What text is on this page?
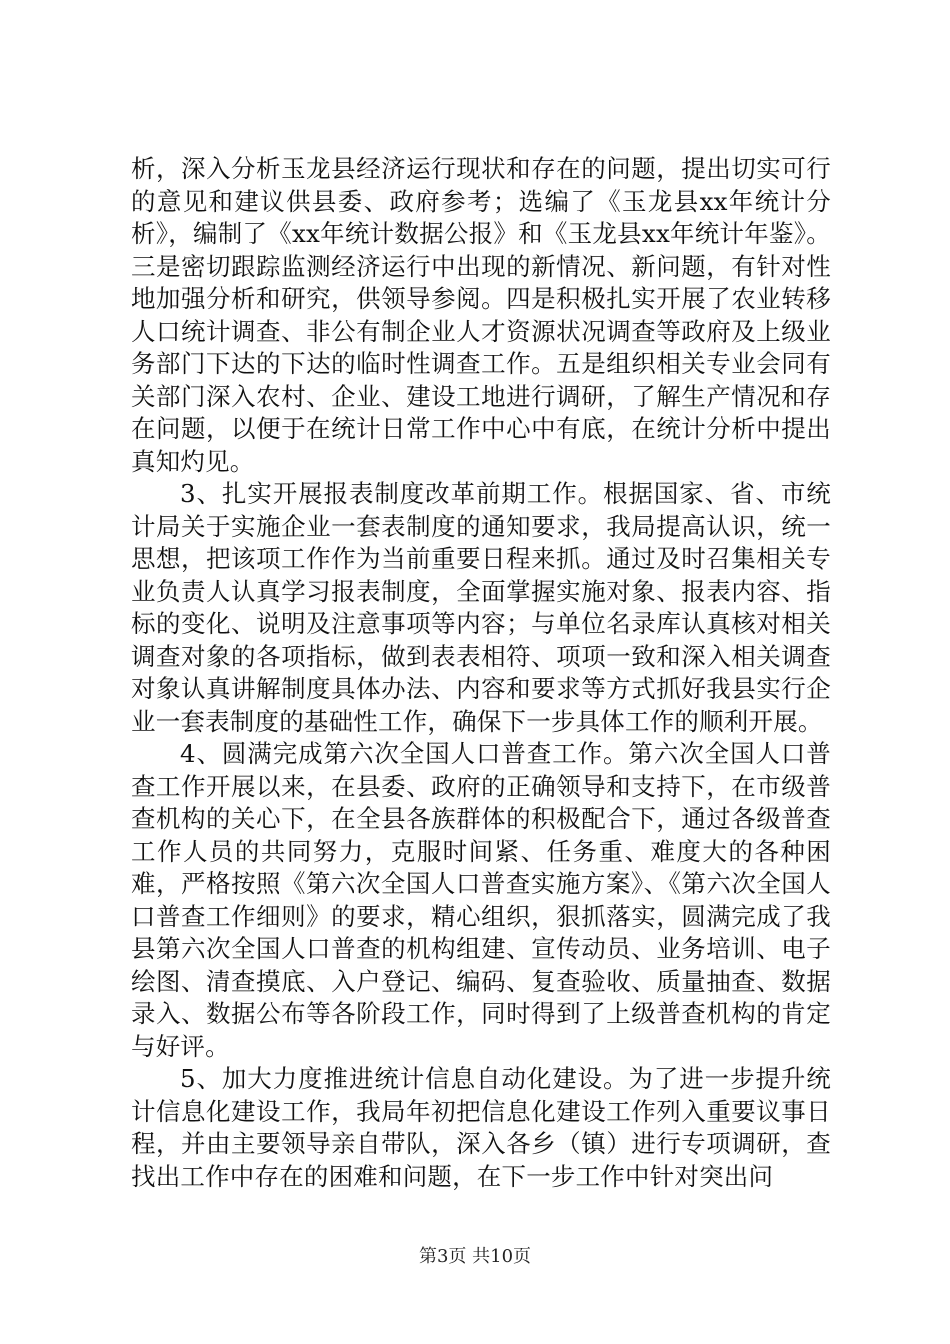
析，深入分析玉龙县经济运行现状和存在的问题，提出切实可行的意见和建议供县委、政府参考；选编了《玉龙县xx年统计分析》，编制了《xx年统计数据公报》和《玉龙县xx年统计年鉴》。三是密切跟踪监测经济运行中出现的新情况、新问题，有针对性地加强分析和研究，供领导参阅。四是积极扎实开展了农业转移人口统计调查、非公有制企业人才资源状况调查等政府及上级业务部门下达的下达的临时性调查工作。五是组织相关专业会同有关部门深入农村、企业、建设工地进行调研，了解生产情况和存在问题，以便于在统计日常工作中心中有底，在统计分析中提出真知灼见。

3、扎实开展报表制度改革前期工作。根据国家、省、市统计局关于实施企业一套表制度的通知要求，我局提高认识，统一思想，把该项工作作为当前重要日程来抓。通过及时召集相关专业负责人认真学习报表制度，全面掌握实施对象、报表内容、指标的变化、说明及注意事项等内容；与单位名录库认真核对相关调查对象的各项指标，做到表表相符、项项一致和深入相关调查对象认真讲解制度具体办法、内容和要求等方式抓好我县实行企业一套表制度的基础性工作，确保下一步具体工作的顺利开展。

4、圆满完成第六次全国人口普查工作。第六次全国人口普查工作开展以来，在县委、政府的正确领导和支持下，在市级普查机构的关心下，在全县各族群体的积极配合下，通过各级普查工作人员的共同努力，克服时间紧、任务重、难度大的各种困难，严格按照《第六次全国人口普查实施方案》、《第六次全国人口普查工作细则》的要求，精心组织，狠抓落实，圆满完成了我县第六次全国人口普查的机构组建、宣传动员、业务培训、电子绘图、清查摸底、入户登记、编码、复查验收、质量抽查、数据录入、数据公布等各阶段工作，同时得到了上级普查机构的肯定与好评。

5、加大力度推进统计信息自动化建设。为了进一步提升统计信息化建设工作，我局年初把信息化建设工作列入重要议事日程，并由主要领导亲自带队，深入各乡（镇）进行专项调研，查找出工作中存在的困难和问题，在下一步工作中针对突出问

第3页 共10页
